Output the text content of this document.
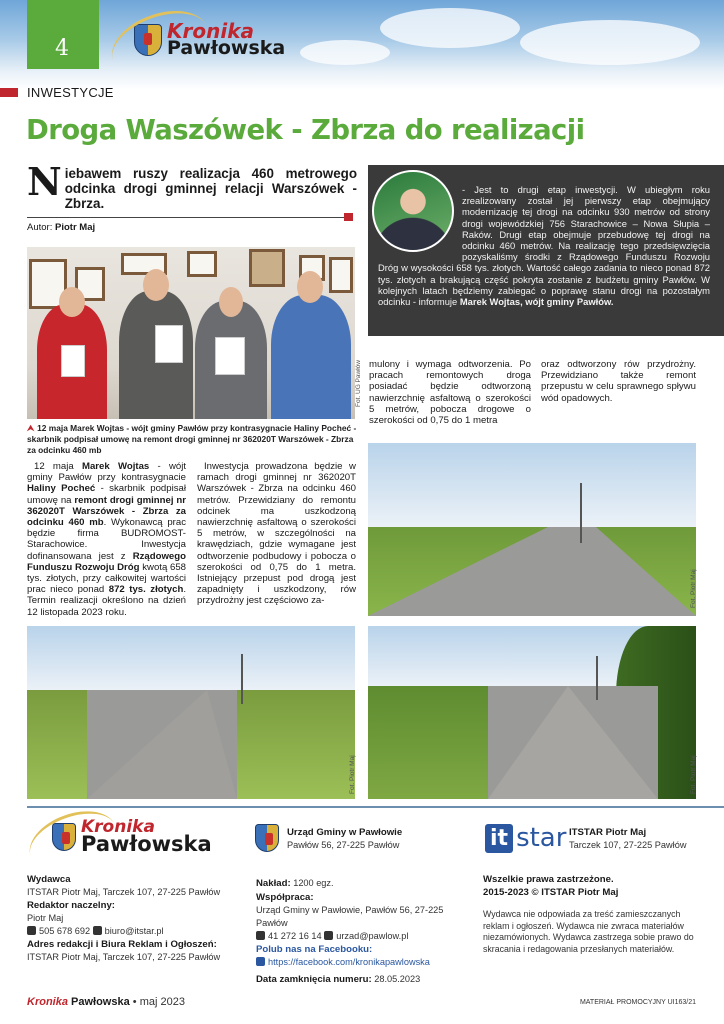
4
Kronika
Pawłowska
INWESTYCJE
Droga Waszówek - Zbrza do realizacji
Niebawem ruszy realizacja 460 metrowego odcinka drogi gminnej relacji Warszówek - Zbrza.
Autor: Piotr Maj
- Jest to drugi etap inwestycji. W ubiegłym roku zrealizowany został jej pierwszy etap obejmujący modernizację tej drogi na odcinku 930 metrów od strony drogi wojewódzkiej 756 Starachowice – Nowa Słupia – Raków. Drugi etap obejmuje przebudowę tej drogi na odcinku 460 metrów. Na realizację tego przedsięwzięcia pozyskaliśmy środki z Rządowego Funduszu Rozwoju Dróg w wysokości 658 tys. złotych. Wartość całego zadania to nieco ponad 872 tys. złotych a brakującą część pokryta zostanie z budżetu gminy Pawłów. W kolejnych latach będziemy zabiegać o poprawę stanu drogi na pozostałym odcinku - informuje Marek Wojtas, wójt gminy Pawłów.
Fot. UG Pawłów
⮝ 12 maja Marek Wojtas - wójt gminy Pawłów przy kontrasygnacie Haliny Pocheć - skarbnik podpisał umowę na remont drogi gminnej nr 362020T Warszówek - Zbrza za odcinku 460 mb
mulony i wymaga odtworzenia. Po pracach remontowych droga posiadać będzie odtworzoną nawierzchnię asfaltową o szerokości 5 metrów, pobocza drogowe o szerokości od 0,75 do 1 metra
oraz odtworzony rów przydrożny. Przewidziano także remont przepustu w celu sprawnego spływu wód opadowych.
12 maja Marek Wojtas - wójt gminy Pawłów przy kontrasygnacie Haliny Pocheć - skarbnik podpisał umowę na remont drogi gminnej nr 362020T Warszówek - Zbrza za odcinku 460 mb. Wykonawcą prac będzie firma BUDROMOST-Starachowice. Inwestycja dofinansowana jest z Rządowego Funduszu Rozwoju Dróg kwotą 658 tys. złotych, przy całkowitej wartości prac nieco ponad 872 tys. złotych. Termin realizacji określono na dzień 12 listopada 2023 roku.
Inwestycja prowadzona będzie w ramach drogi gminnej nr 362020T Warszówek - Zbrza na odcinku 460 metrów. Przewidziany do remontu odcinek ma uszkodzoną nawierzchnię asfaltową o szerokości 5 metrów, w szczególności na krawędziach, gdzie wymagane jest odtworzenie podbudowy i pobocza o szerokości od 0,75 do 1 metra. Istniejący przepust pod drogą jest zapadnięty i uszkodzony, rów przydrożny jest częściowo za-	Fot. Piotr Maj
Fot. Piotr Maj	Fot. Piotr Maj
Kronika
Pawłowska
Wydawca
ITSTAR Piotr Maj, Tarczek 107, 27-225 Pawłów
Redaktor naczelny:
Piotr Maj
505 678 692 biuro@itstar.pl
Adres redakcji i Biura Reklam i Ogłoszeń:
ITSTAR Piotr Maj, Tarczek 107, 27-225 Pawłów
Urząd Gminy w Pawłowie
Pawłów 56, 27-225 Pawłów
Nakład: 1200 egz.
Współpraca:
Urząd Gminy w Pawłowie, Pawłów 56, 27-225 Pawłów
41 272 16 14 urzad@pawlow.pl
Polub nas na Facebooku:
https://facebook.com/kronikapawlowska
Data zamknięcia numeru: 28.05.2023
it star ITSTAR Piotr Maj
Tarczek 107, 27-225 Pawłów
Wszelkie prawa zastrzeżone.
2015-2023 © ITSTAR Piotr Maj
Wydawca nie odpowiada za treść zamieszczanych reklam i ogłoszeń. Wydawca nie zwraca materiałów niezamówionych. Wydawca zastrzega sobie prawo do skracania i redagowania przesłanych materiałów.
Kronika Pawłowska • maj 2023	MATERIAŁ PROMOCYJNY UI163/21
